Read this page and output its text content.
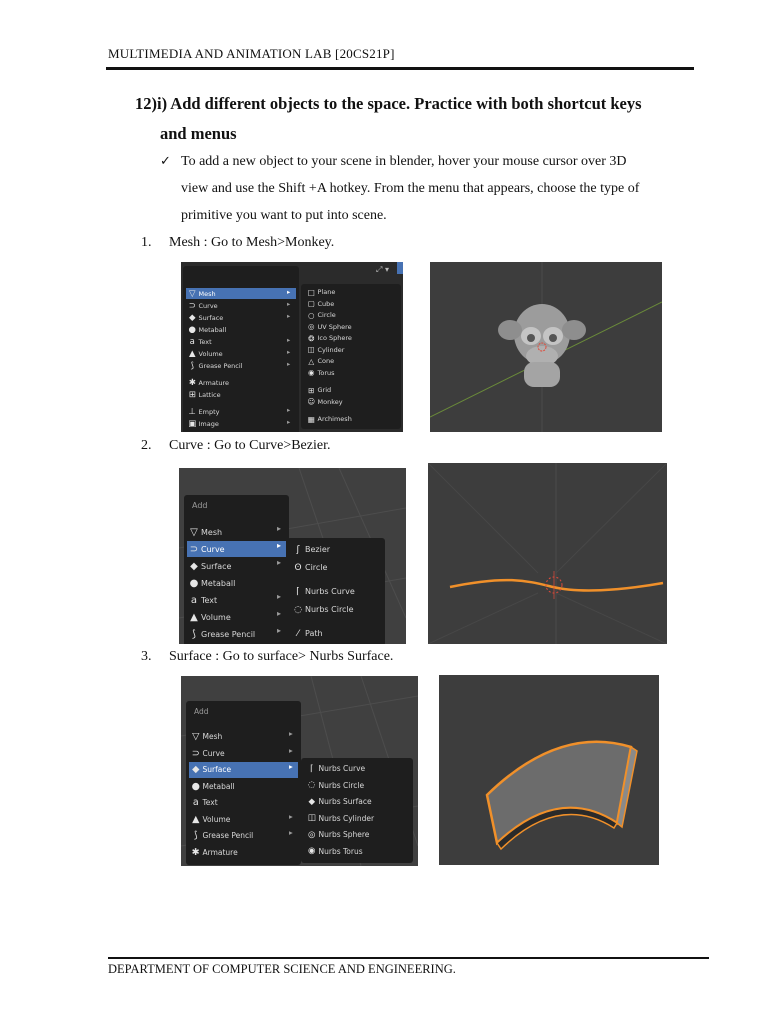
MULTIMEDIA AND ANIMATION LAB [20CS21P]
12)i) Add different objects to the space. Practice with both shortcut keys
and menus
✓ To add a new object to your scene in blender, hover your mouse cursor over 3D
view and use the Shift +A hotkey. From the menu that appears, choose the type of
primitive you want to put into scene.
1. Mesh : Go to Mesh>Monkey.
⤢ ▾
▽ Mesh	▸
⊃ Curve	▸
◆ Surface	▸
● Metaball
a Text	▸
▲ Volume	▸
⟆ Grease Pencil	▸
✱ Armature
⊞ Lattice
⊥ Empty	▸
▣ Image	▸
□ Plane
▢ Cube
○ Circle
◎ UV Sphere
❂ Ico Sphere
◫ Cylinder
△ Cone
◉ Torus
⊞ Grid
☺ Monkey
▦ Archimesh
2. Curve : Go to Curve>Bezier.
Add
▽ Mesh	▸
⊃ Curve	▸
◆ Surface	▸
● Metaball
a Text	▸
▲ Volume	▸
⟆ Grease Pencil	▸
ʃ Bezier
ʘ Circle
⌈ Nurbs Curve
◌ Nurbs Circle
⁄ Path
3. Surface : Go to surface> Nurbs Surface.
Add
▽ Mesh	▸
⊃ Curve	▸
◆ Surface	▸
● Metaball
a Text
▲ Volume	▸
⟆ Grease Pencil	▸
✱ Armature
⌈ Nurbs Curve
◌ Nurbs Circle
◆ Nurbs Surface
◫ Nurbs Cylinder
◎ Nurbs Sphere
◉ Nurbs Torus
DEPARTMENT OF COMPUTER SCIENCE AND ENGINEERING.
